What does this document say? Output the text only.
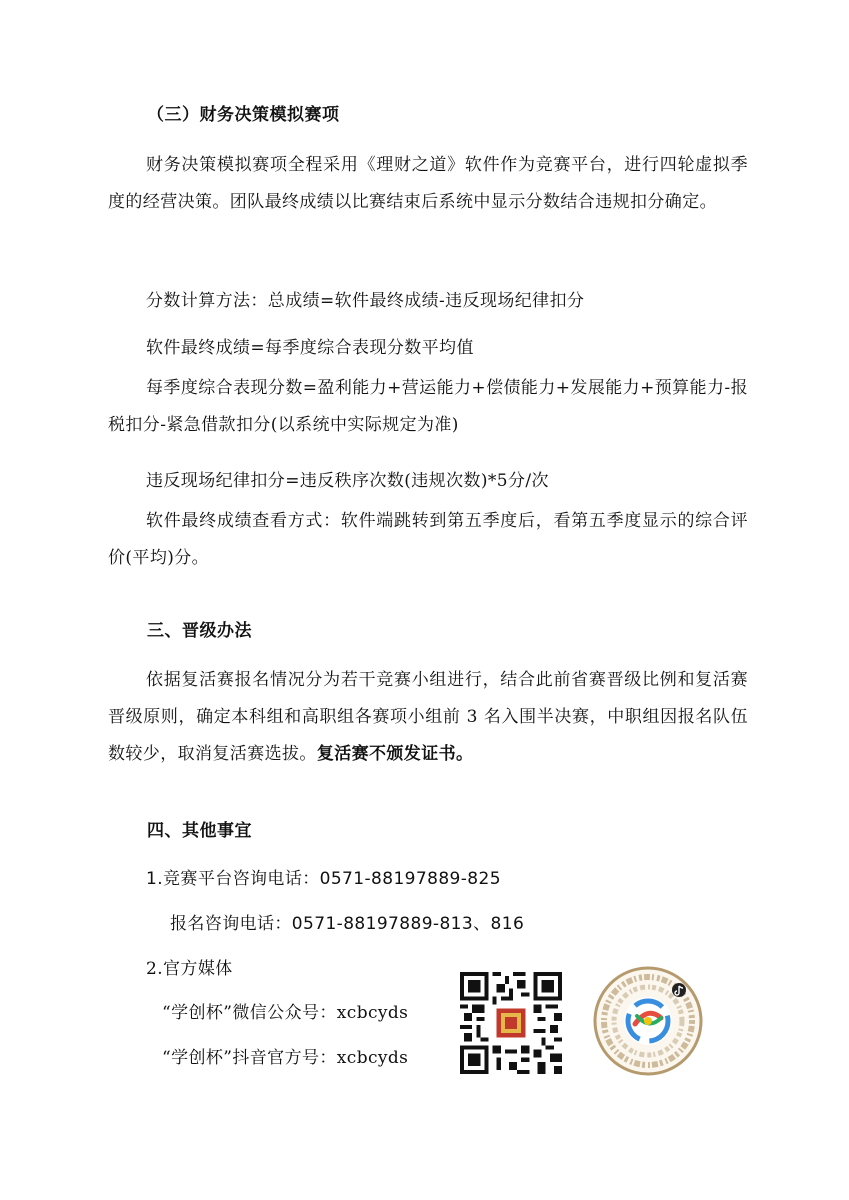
（三）财务决策模拟赛项

财务决策模拟赛项全程采用《理财之道》软件作为竞赛平台，进行四轮虚拟季度的经营决策。团队最终成绩以比赛结束后系统中显示分数结合违规扣分确定。

分数计算方法：总成绩=软件最终成绩-违反现场纪律扣分
软件最终成绩=每季度综合表现分数平均值

每季度综合表现分数=盈利能力+营运能力+偿债能力+发展能力+预算能力-报税扣分-紧急借款扣分(以系统中实际规定为准)

违反现场纪律扣分=违反秩序次数(违规次数)*5分/次

软件最终成绩查看方式：软件端跳转到第五季度后，看第五季度显示的综合评价(平均)分。

三、晋级办法

依据复活赛报名情况分为若干竞赛小组进行，结合此前省赛晋级比例和复活赛晋级原则，确定本科组和高职组各赛项小组前 3 名入围半决赛，中职组因报名队伍数较少，取消复活赛选拔。复活赛不颁发证书。

四、其他事宜
1.竞赛平台咨询电话：0571-88197889-825
报名咨询电话：0571-88197889-813、816
2.官方媒体
“学创杯”微信公众号：xcbcyds
“学创杯”抖音官方号：xcbcyds
